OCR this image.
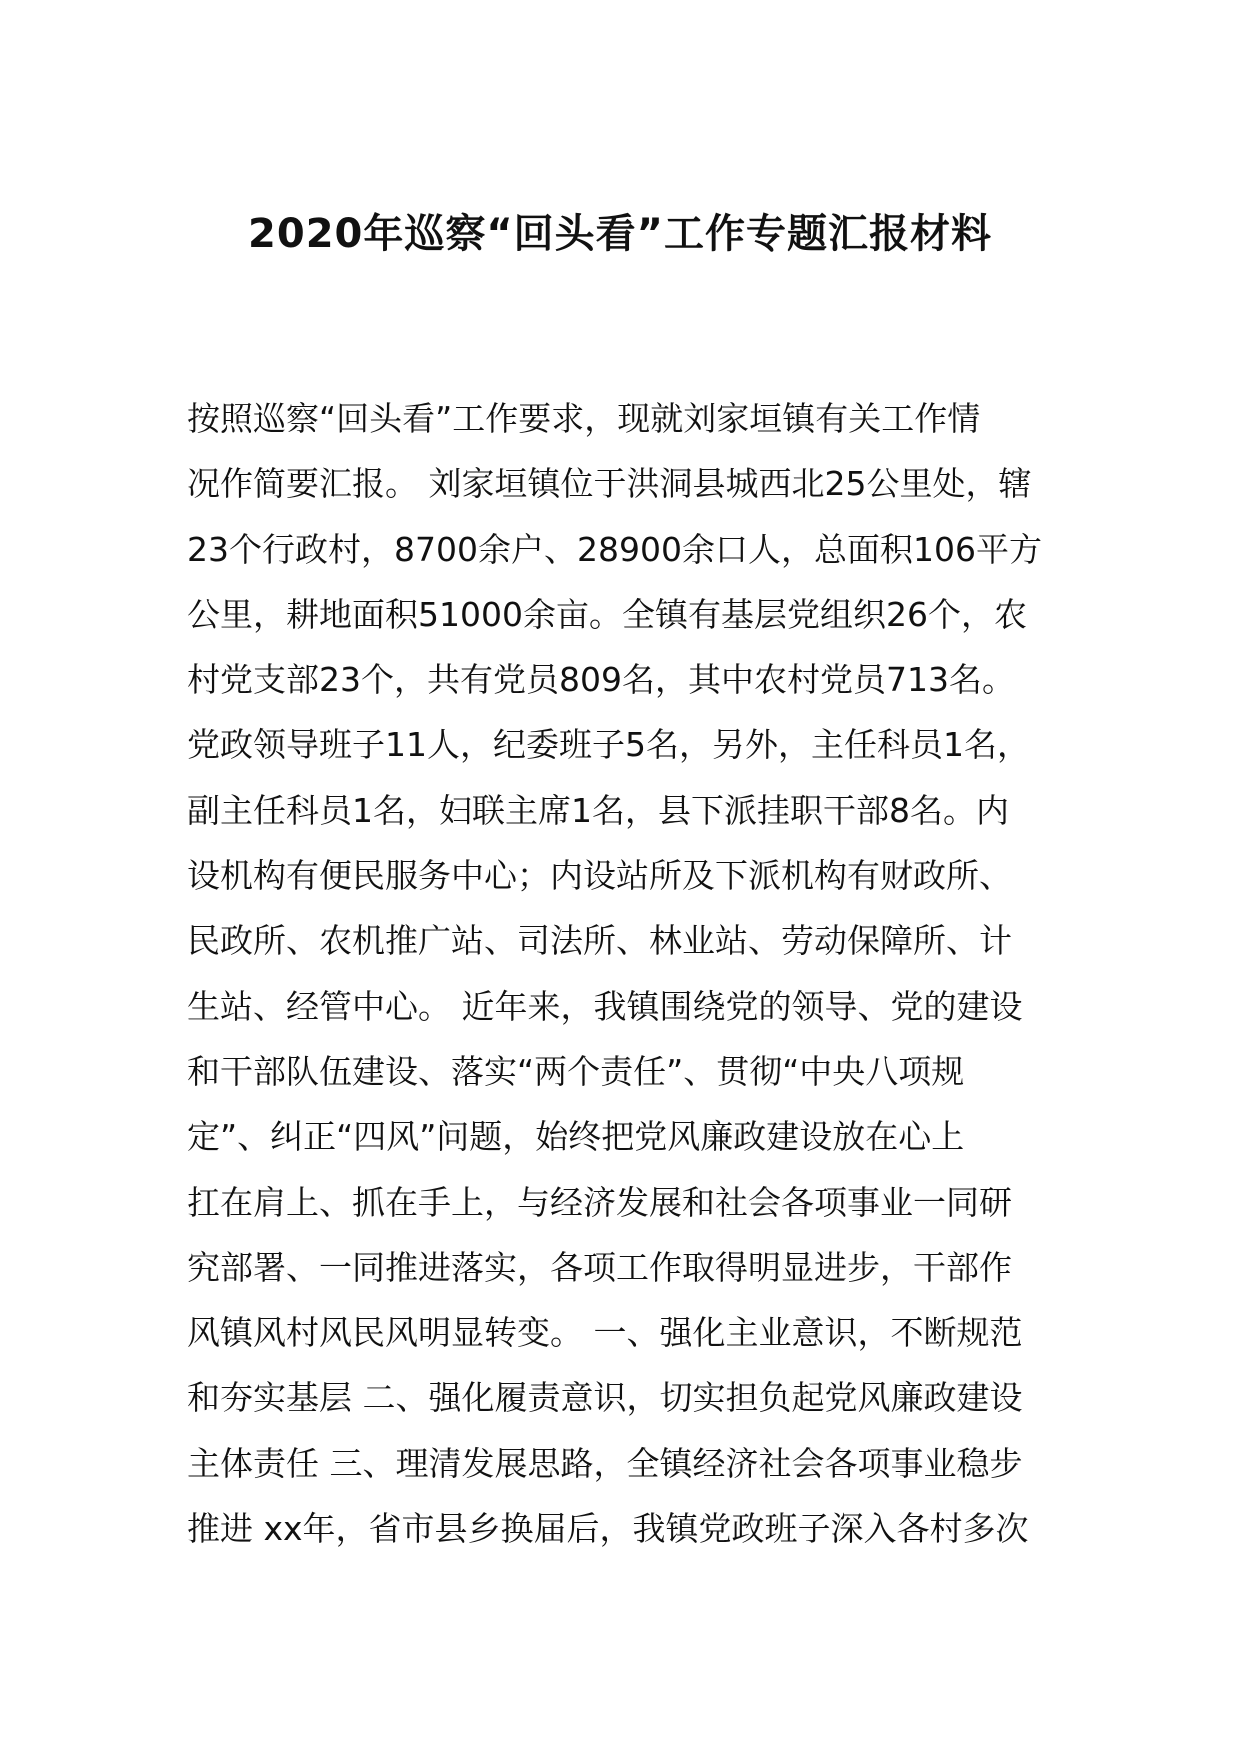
2020年巡察“回头看”工作专题汇报材料
按照巡察“回头看”工作要求，现就刘家垣镇有关工作情
况作简要汇报。 刘家垣镇位于洪洞县城西北25公里处，辖
23个行政村，8700余户、28900余口人，总面积106平方
公里，耕地面积51000余亩。全镇有基层党组织26个，农
村党支部23个，共有党员809名，其中农村党员713名。
党政领导班子11人，纪委班子5名，另外，主任科员1名，
副主任科员1名，妇联主席1名，县下派挂职干部8名。内
设机构有便民服务中心；内设站所及下派机构有财政所、
民政所、农机推广站、司法所、林业站、劳动保障所、计
生站、经管中心。 近年来，我镇围绕党的领导、党的建设
和干部队伍建设、落实“两个责任”、贯彻“中央八项规
定”、纠正“四风”问题，始终把党风廉政建设放在心上
扛在肩上、抓在手上，与经济发展和社会各项事业一同研
究部署、一同推进落实，各项工作取得明显进步，干部作
风镇风村风民风明显转变。 一、强化主业意识，不断规范
和夯实基层 二、强化履责意识，切实担负起党风廉政建设
主体责任 三、理清发展思路，全镇经济社会各项事业稳步
推进 xx年，省市县乡换届后，我镇党政班子深入各村多次
